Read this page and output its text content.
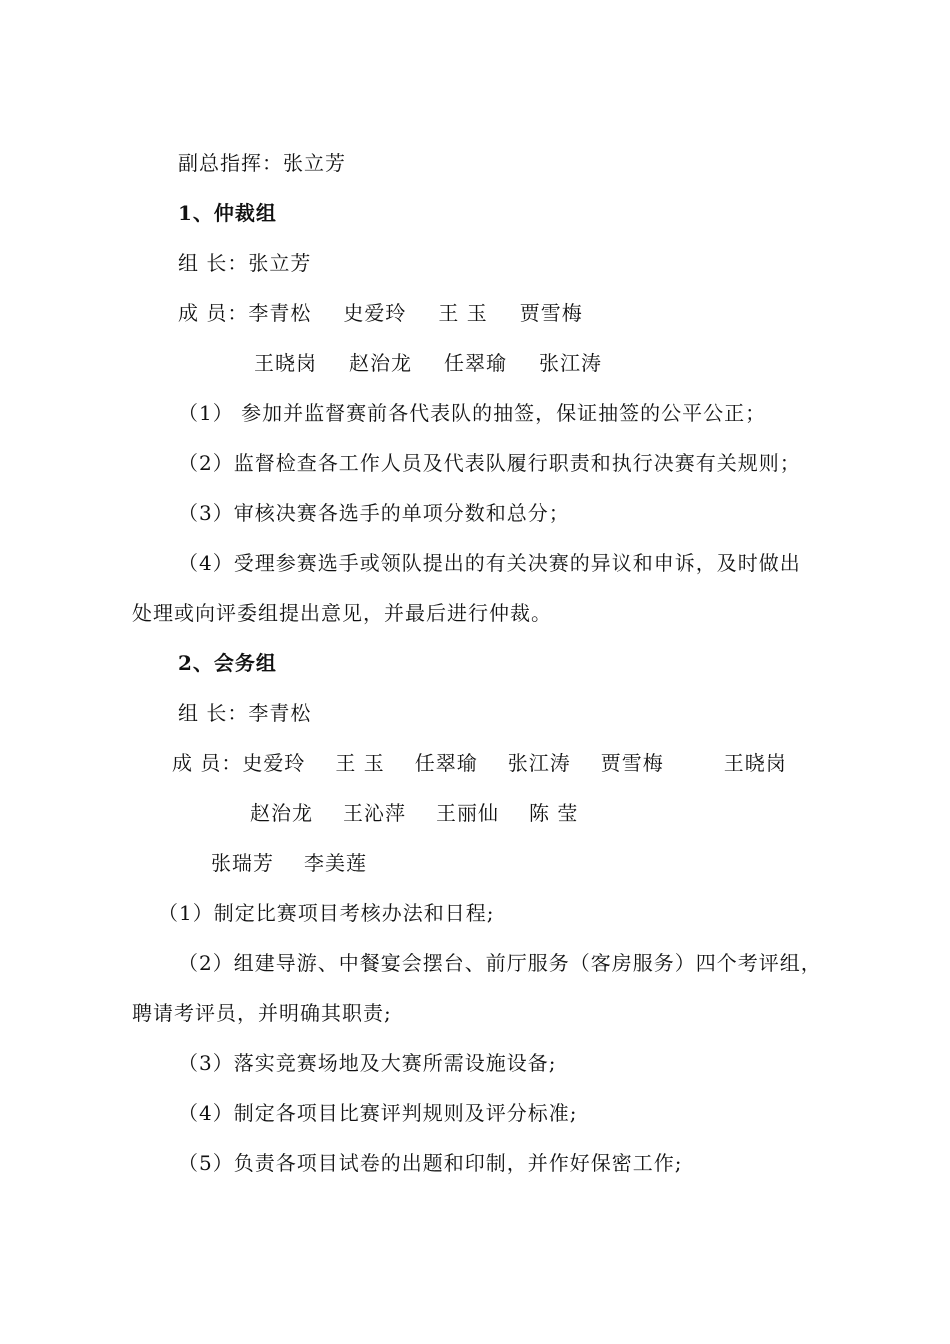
副总指挥：张立芳
1、仲裁组
组 长：张立芳
成 员：李青松 史爱玲 王 玉 贾雪梅
王晓岗 赵治龙 任翠瑜 张江涛
（1） 参加并监督赛前各代表队的抽签，保证抽签的公平公正；
（2）监督检查各工作人员及代表队履行职责和执行决赛有关规则；
（3）审核决赛各选手的单项分数和总分；
（4）受理参赛选手或领队提出的有关决赛的异议和申诉，及时做出
处理或向评委组提出意见，并最后进行仲裁。
2、会务组
组 长：李青松
成 员：史爱玲 王 玉 任翠瑜 张江涛 贾雪梅	王晓岗
赵治龙 王沁萍 王丽仙 陈 莹
张瑞芳 李美莲
（1）制定比赛项目考核办法和日程;
（2）组建导游、中餐宴会摆台、前厅服务（客房服务）四个考评组，
聘请考评员，并明确其职责;
（3）落实竞赛场地及大赛所需设施设备;
（4）制定各项目比赛评判规则及评分标准;
（5）负责各项目试卷的出题和印制，并作好保密工作;
